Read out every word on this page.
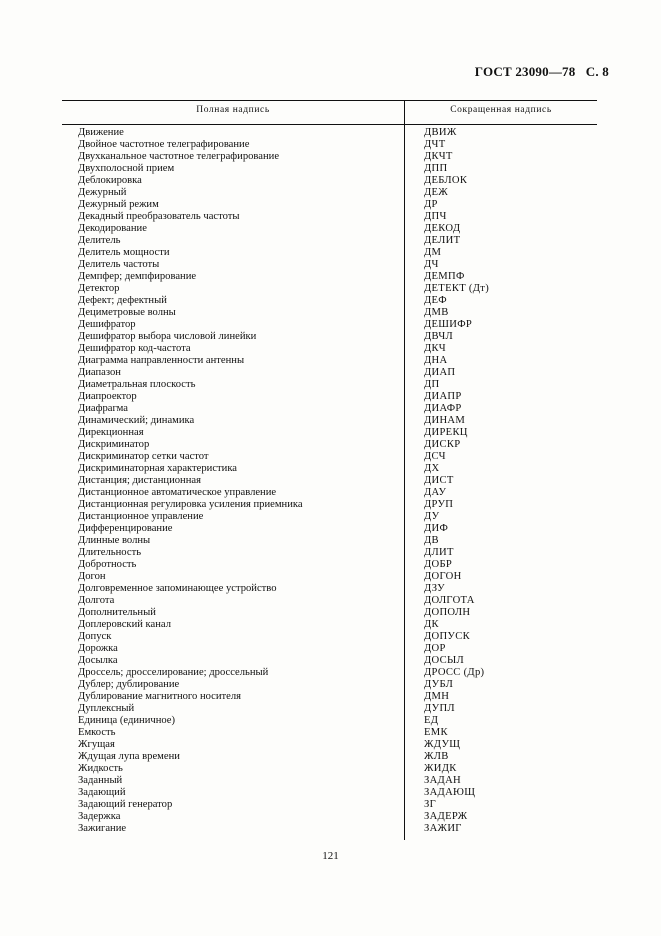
ГОСТ 23090—78 С. 8
Полная надпись	Сокращенная надпись
Движение	ДВИЖ
Двойное частотное телеграфирование	ДЧТ
Двухканальное частотное телеграфирование	ДКЧТ
Двухполосной прием	ДПП
Деблокировка	ДЕБЛОК
Дежурный	ДЕЖ
Дежурный режим	ДР
Декадный преобразователь частоты	ДПЧ
Декодирование	ДЕКОД
Делитель	ДЕЛИТ
Делитель мощности	ДМ
Делитель частоты	ДЧ
Демпфер; демпфирование	ДЕМПФ
Детектор	ДЕТЕКТ (Дт)
Дефект; дефектный	ДЕФ
Дециметровые волны	ДМВ
Дешифратор	ДЕШИФР
Дешифратор выбора числовой линейки	ДВЧЛ
Дешифратор код-частота	ДКЧ
Диаграмма направленности антенны	ДНА
Диапазон	ДИАП
Диаметральная плоскость	ДП
Диапроектор	ДИАПР
Диафрагма	ДИАФР
Динамический; динамика	ДИНАМ
Дирекционная	ДИРЕКЦ
Дискриминатор	ДИСКР
Дискриминатор сетки частот	ДСЧ
Дискриминаторная характеристика	ДХ
Дистанция; дистанционная	ДИСТ
Дистанционное автоматическое управление	ДАУ
Дистанционная регулировка усиления приемника	ДРУП
Дистанционное управление	ДУ
Дифференцирование	ДИФ
Длинные волны	ДВ
Длительность	ДЛИТ
Добротность	ДОБР
Догон	ДОГОН
Долговременное запоминающее устройство	ДЗУ
Долгота	ДОЛГОТА
Дополнительный	ДОПОЛН
Доплеровский канал	ДК
Допуск	ДОПУСК
Дорожка	ДОР
Досылка	ДОСЫЛ
Дроссель; дросселирование; дроссельный	ДРОСС (Др)
Дублер; дублирование	ДУБЛ
Дублирование магнитного носителя	ДМН
Дуплексный	ДУПЛ
Единица (единичное)	ЕД
Емкость	ЕМК
Жгущая	ЖДУЩ
Ждущая лупа времени	ЖЛВ
Жидкость	ЖИДК
Заданный	ЗАДАН
Задающий	ЗАДАЮЩ
Задающий генератор	ЗГ
Задержка	ЗАДЕРЖ
Зажигание	ЗАЖИГ
121
